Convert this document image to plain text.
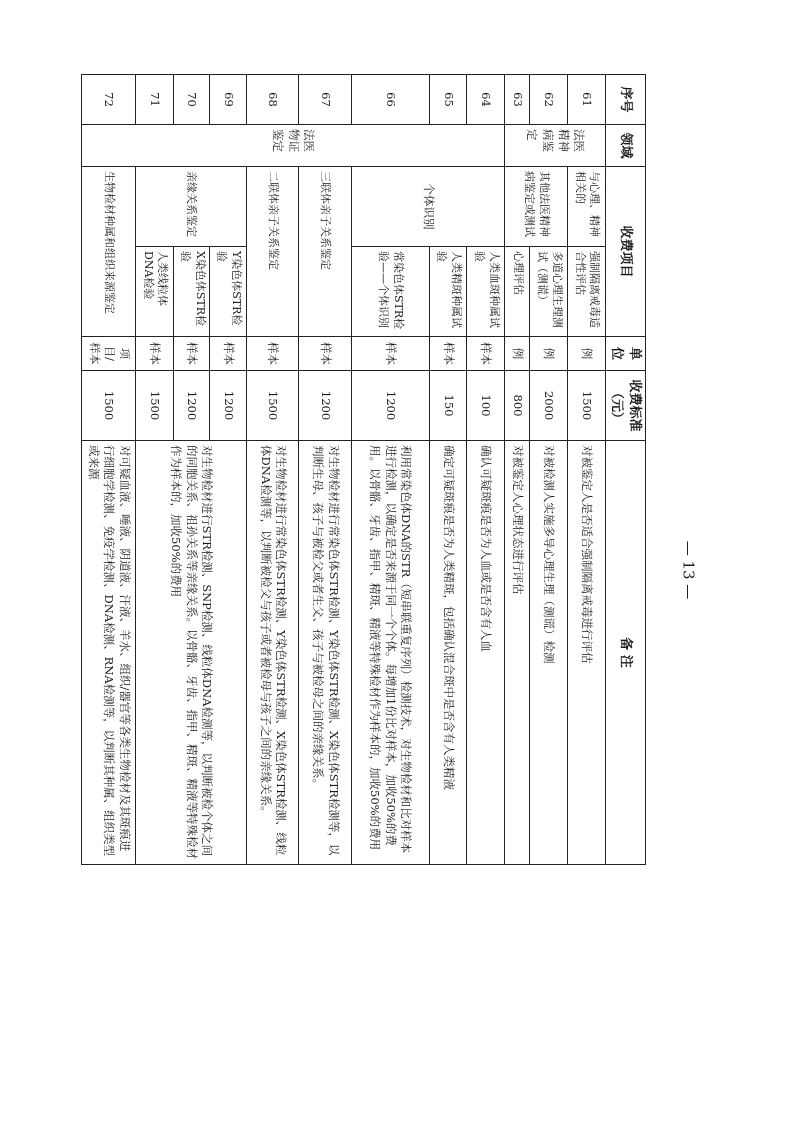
序号	领域	收费项目		单位	收费标准（元）	备 注
61	法医精神病鉴定	与心理、精神相关的	强制隔离戒毒适合性评估	例	1500	对被鉴定人是否适合强制隔离戒毒进行评估
62		其他法医精神病鉴定或测试	多道心理生理测试（测谎）	例	2000	对被检测人实施多导心理生理（测谎）检测
63			心理评估	例	800	对被鉴定人心理状态进行评估
64	法医物证鉴定	个体识别	人类血斑种属试验	样本	100	确认可疑斑痕是否为人血或是否含有人血
65			人类精斑种属试验	样本	150	确定可疑斑痕是否为人类精斑，包括确认混合斑中是否含有人类精液
66			常染色体STR检验——个体识别	样本	1200	利用常染色体DNA的STR（短串联重复序列）检测技术，对生物检材和比对样本进行检测，以确定是否来源于同一个个体。每增加1份比对样本，加收50%的费用。以骨骼、牙齿、指甲、精斑、精液等特殊检材作为样本的，加收50%的费用
67		三联体亲子关系鉴定		样本	1200	对生物检材进行常染色体STR检测、Y染色体STR检测、X染色体STR检测等，以判断生母、孩子与被检父或者生父、孩子与被检母之间的亲缘关系。
68		二联体亲子关系鉴定		样本	1500	对生物检材进行常染色体STR检测、Y染色体STR检测、X染色体STR检测、线粒体DNA检测等，以判断被检父与孩子或者被检母与孩子之间的亲缘关系。
69		亲缘关系鉴定	Y染色体STR检验	样本	1200	对生物检材进行STR检测、SNP检测、线粒体DNA检测等，以判断被检个体之间的同胞关系、祖孙关系等亲缘关系。以骨骼、牙齿、指甲、精斑、精液等特殊检材作为样本的，加收50%的费用
70			X染色体STR检验	样本	1200	
71			人类线粒体DNA检验	样本	1500	
72		生物检材种属和组织来源鉴定		项目/样本	1500	对可疑血液、唾液、阴道液、汗液、羊水、组织/器官等各类生物检材及其斑痕进行细胞学检测、免疫学检测、DNA检测、RNA检测等，以判断其种属、组织类型或来源
— 13 —
